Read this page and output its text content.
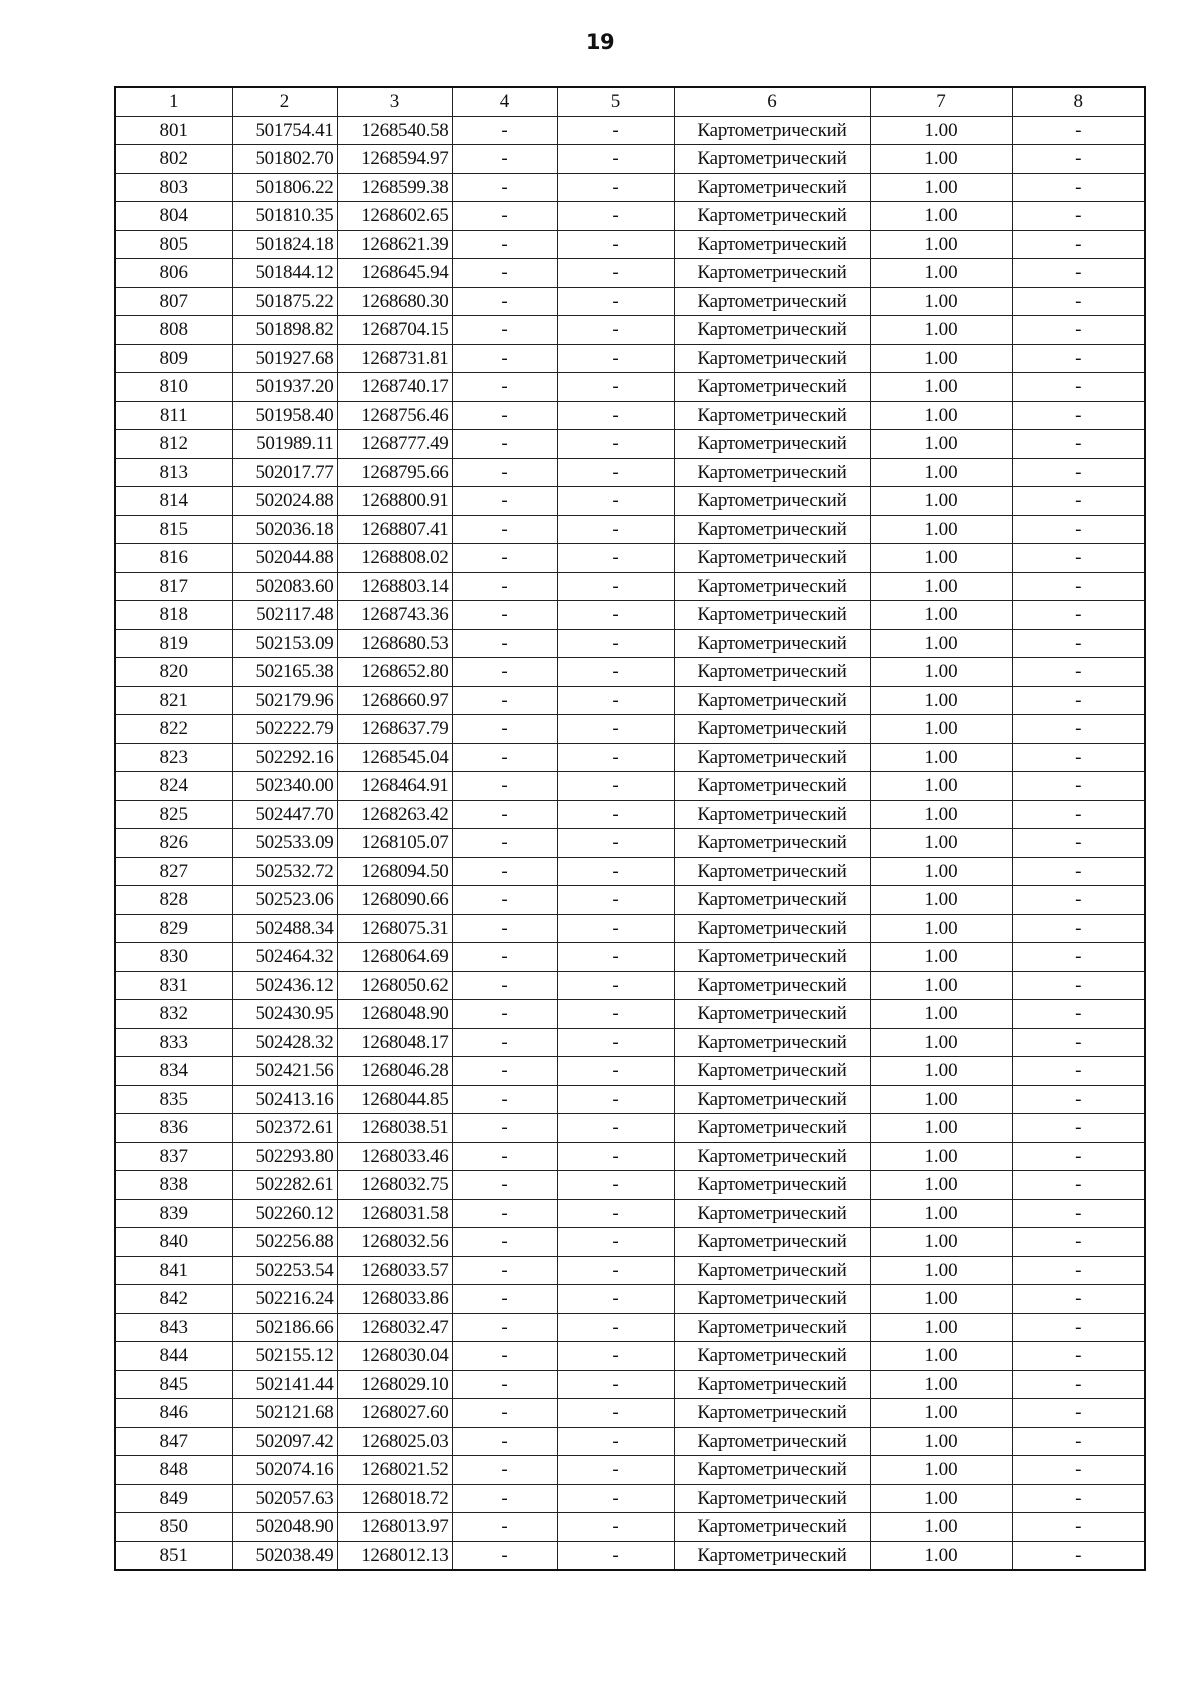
19
1	2	3	4	5	6	7	8
801	501754.41	1268540.58	-	-	Картометрический	1.00	-
802	501802.70	1268594.97	-	-	Картометрический	1.00	-
803	501806.22	1268599.38	-	-	Картометрический	1.00	-
804	501810.35	1268602.65	-	-	Картометрический	1.00	-
805	501824.18	1268621.39	-	-	Картометрический	1.00	-
806	501844.12	1268645.94	-	-	Картометрический	1.00	-
807	501875.22	1268680.30	-	-	Картометрический	1.00	-
808	501898.82	1268704.15	-	-	Картометрический	1.00	-
809	501927.68	1268731.81	-	-	Картометрический	1.00	-
810	501937.20	1268740.17	-	-	Картометрический	1.00	-
811	501958.40	1268756.46	-	-	Картометрический	1.00	-
812	501989.11	1268777.49	-	-	Картометрический	1.00	-
813	502017.77	1268795.66	-	-	Картометрический	1.00	-
814	502024.88	1268800.91	-	-	Картометрический	1.00	-
815	502036.18	1268807.41	-	-	Картометрический	1.00	-
816	502044.88	1268808.02	-	-	Картометрический	1.00	-
817	502083.60	1268803.14	-	-	Картометрический	1.00	-
818	502117.48	1268743.36	-	-	Картометрический	1.00	-
819	502153.09	1268680.53	-	-	Картометрический	1.00	-
820	502165.38	1268652.80	-	-	Картометрический	1.00	-
821	502179.96	1268660.97	-	-	Картометрический	1.00	-
822	502222.79	1268637.79	-	-	Картометрический	1.00	-
823	502292.16	1268545.04	-	-	Картометрический	1.00	-
824	502340.00	1268464.91	-	-	Картометрический	1.00	-
825	502447.70	1268263.42	-	-	Картометрический	1.00	-
826	502533.09	1268105.07	-	-	Картометрический	1.00	-
827	502532.72	1268094.50	-	-	Картометрический	1.00	-
828	502523.06	1268090.66	-	-	Картометрический	1.00	-
829	502488.34	1268075.31	-	-	Картометрический	1.00	-
830	502464.32	1268064.69	-	-	Картометрический	1.00	-
831	502436.12	1268050.62	-	-	Картометрический	1.00	-
832	502430.95	1268048.90	-	-	Картометрический	1.00	-
833	502428.32	1268048.17	-	-	Картометрический	1.00	-
834	502421.56	1268046.28	-	-	Картометрический	1.00	-
835	502413.16	1268044.85	-	-	Картометрический	1.00	-
836	502372.61	1268038.51	-	-	Картометрический	1.00	-
837	502293.80	1268033.46	-	-	Картометрический	1.00	-
838	502282.61	1268032.75	-	-	Картометрический	1.00	-
839	502260.12	1268031.58	-	-	Картометрический	1.00	-
840	502256.88	1268032.56	-	-	Картометрический	1.00	-
841	502253.54	1268033.57	-	-	Картометрический	1.00	-
842	502216.24	1268033.86	-	-	Картометрический	1.00	-
843	502186.66	1268032.47	-	-	Картометрический	1.00	-
844	502155.12	1268030.04	-	-	Картометрический	1.00	-
845	502141.44	1268029.10	-	-	Картометрический	1.00	-
846	502121.68	1268027.60	-	-	Картометрический	1.00	-
847	502097.42	1268025.03	-	-	Картометрический	1.00	-
848	502074.16	1268021.52	-	-	Картометрический	1.00	-
849	502057.63	1268018.72	-	-	Картометрический	1.00	-
850	502048.90	1268013.97	-	-	Картометрический	1.00	-
851	502038.49	1268012.13	-	-	Картометрический	1.00	-
